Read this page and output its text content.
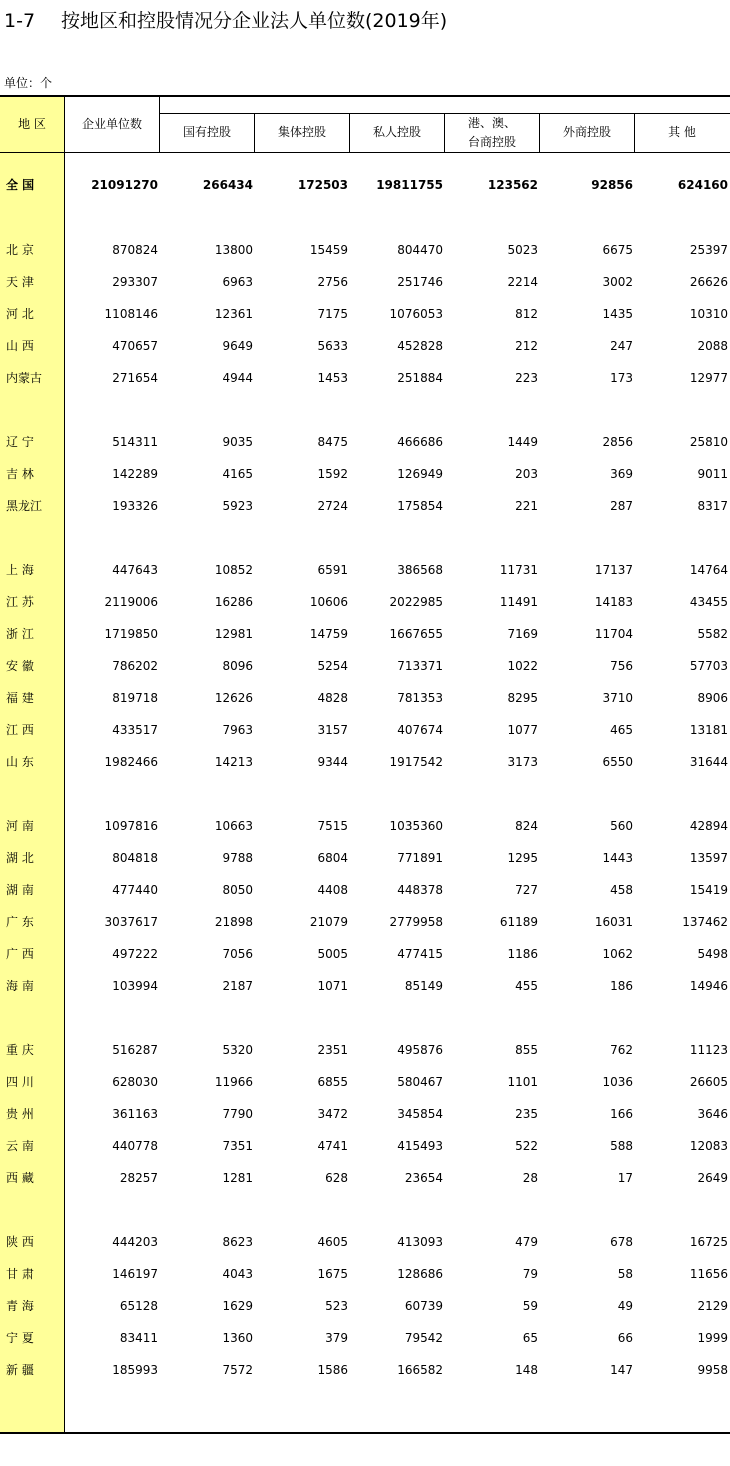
1-7 按地区和控股情况分企业法人单位数(2019年)
单位：个
地 区	企业单位数
国有控股	集体控股	私人控股
港、澳、
台商控股
外商控股	其 他
全 国	21091270	266434	172503	19811755	123562	92856	624160
北 京	870824	13800	15459	804470	5023	6675	25397
天 津	293307	6963	2756	251746	2214	3002	26626
河 北	1108146	12361	7175	1076053	812	1435	10310
山 西	470657	9649	5633	452828	212	247	2088
内蒙古	271654	4944	1453	251884	223	173	12977
辽 宁	514311	9035	8475	466686	1449	2856	25810
吉 林	142289	4165	1592	126949	203	369	9011
黑龙江	193326	5923	2724	175854	221	287	8317
上 海	447643	10852	6591	386568	11731	17137	14764
江 苏	2119006	16286	10606	2022985	11491	14183	43455
浙 江	1719850	12981	14759	1667655	7169	11704	5582
安 徽	786202	8096	5254	713371	1022	756	57703
福 建	819718	12626	4828	781353	8295	3710	8906
江 西	433517	7963	3157	407674	1077	465	13181
山 东	1982466	14213	9344	1917542	3173	6550	31644
河 南	1097816	10663	7515	1035360	824	560	42894
湖 北	804818	9788	6804	771891	1295	1443	13597
湖 南	477440	8050	4408	448378	727	458	15419
广 东	3037617	21898	21079	2779958	61189	16031	137462
广 西	497222	7056	5005	477415	1186	1062	5498
海 南	103994	2187	1071	85149	455	186	14946
重 庆	516287	5320	2351	495876	855	762	11123
四 川	628030	11966	6855	580467	1101	1036	26605
贵 州	361163	7790	3472	345854	235	166	3646
云 南	440778	7351	4741	415493	522	588	12083
西 藏	28257	1281	628	23654	28	17	2649
陕 西	444203	8623	4605	413093	479	678	16725
甘 肃	146197	4043	1675	128686	79	58	11656
青 海	65128	1629	523	60739	59	49	2129
宁 夏	83411	1360	379	79542	65	66	1999
新 疆	185993	7572	1586	166582	148	147	9958
